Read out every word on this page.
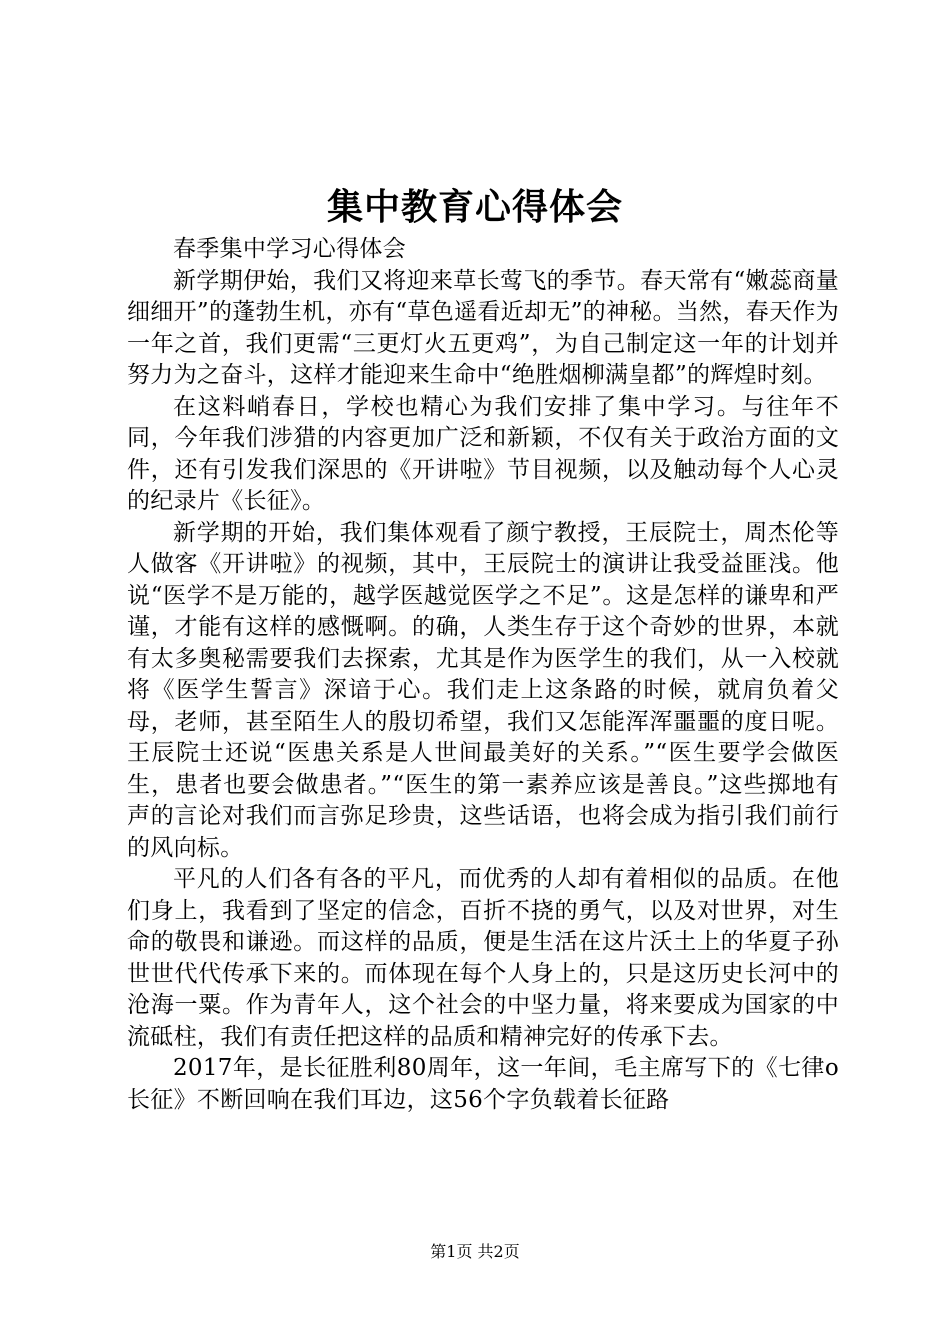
集中教育心得体会

春季集中学习心得体会

新学期伊始，我们又将迎来草长莺飞的季节。春天常有“嫩蕊商量细细开”的蓬勃生机，亦有“草色遥看近却无”的神秘。当然，春天作为一年之首，我们更需“三更灯火五更鸡”，为自己制定这一年的计划并努力为之奋斗，这样才能迎来生命中“绝胜烟柳满皇都”的辉煌时刻。

在这料峭春日，学校也精心为我们安排了集中学习。与往年不同，今年我们涉猎的内容更加广泛和新颖，不仅有关于政治方面的文件，还有引发我们深思的《开讲啦》节目视频，以及触动每个人心灵的纪录片《长征》。

新学期的开始，我们集体观看了颜宁教授，王辰院士，周杰伦等人做客《开讲啦》的视频，其中，王辰院士的演讲让我受益匪浅。他说“医学不是万能的，越学医越觉医学之不足”。这是怎样的谦卑和严谨，才能有这样的感慨啊。的确，人类生存于这个奇妙的世界，本就有太多奥秘需要我们去探索，尤其是作为医学生的我们，从一入校就将《医学生誓言》深谙于心。我们走上这条路的时候，就肩负着父母，老师，甚至陌生人的殷切希望，我们又怎能浑浑噩噩的度日呢。王辰院士还说“医患关系是人世间最美好的关系。”“医生要学会做医生，患者也要会做患者。”“医生的第一素养应该是善良。”这些掷地有声的言论对我们而言弥足珍贵，这些话语，也将会成为指引我们前行的风向标。

平凡的人们各有各的平凡，而优秀的人却有着相似的品质。在他们身上，我看到了坚定的信念，百折不挠的勇气，以及对世界，对生命的敬畏和谦逊。而这样的品质，便是生活在这片沃土上的华夏子孙世世代代传承下来的。而体现在每个人身上的，只是这历史长河中的沧海一粟。作为青年人，这个社会的中坚力量，将来要成为国家的中流砥柱，我们有责任把这样的品质和精神完好的传承下去。

2017年，是长征胜利80周年，这一年间，毛主席写下的《七律ο长征》不断回响在我们耳边，这56个字负载着长征路

第1页 共2页
